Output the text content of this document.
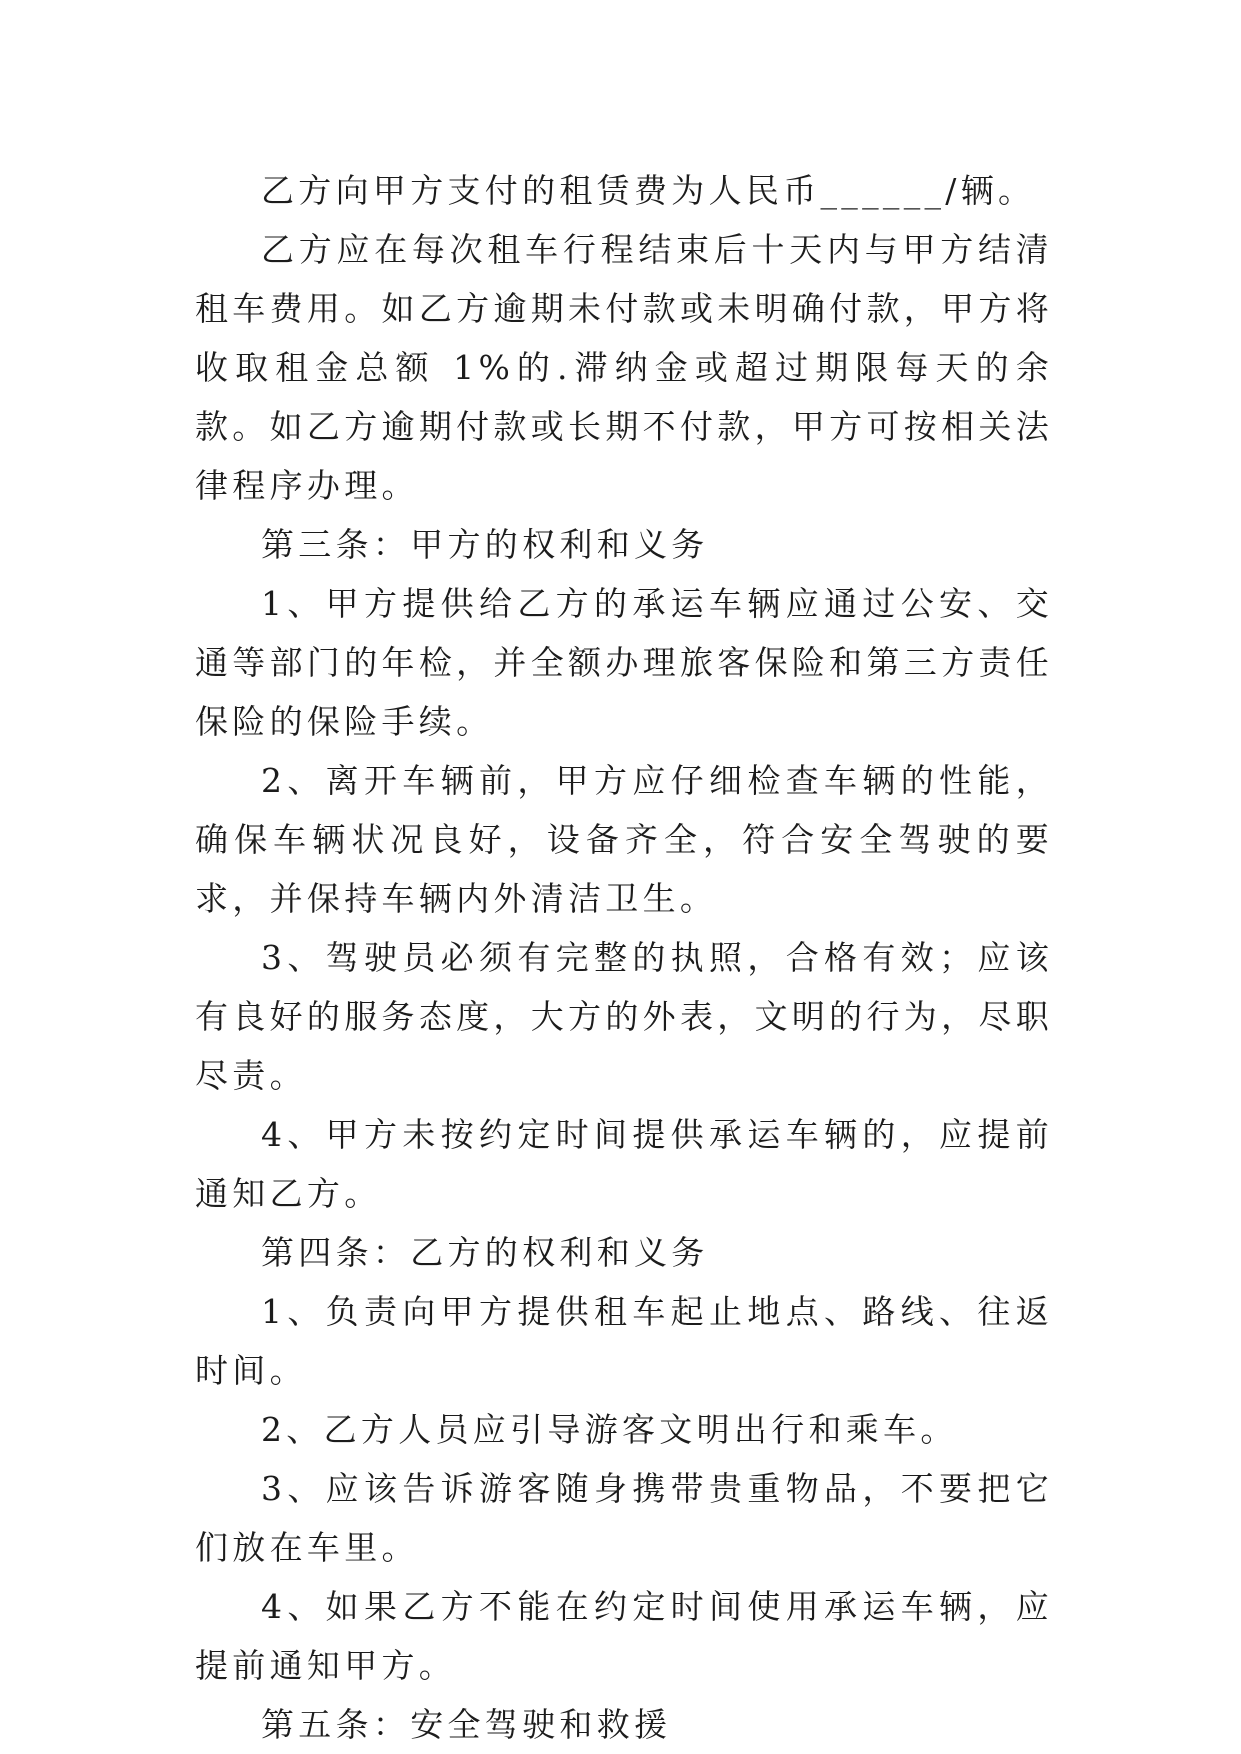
乙方向甲方支付的租赁费为人民币______/辆。

乙方应在每次租车行程结束后十天内与甲方结清租车费用。如乙方逾期未付款或未明确付款，甲方将收取租金总额 1%的.滞纳金或超过期限每天的余款。如乙方逾期付款或长期不付款，甲方可按相关法律程序办理。

第三条：甲方的权利和义务

1、甲方提供给乙方的承运车辆应通过公安、交通等部门的年检，并全额办理旅客保险和第三方责任保险的保险手续。

2、离开车辆前，甲方应仔细检查车辆的性能，确保车辆状况良好，设备齐全，符合安全驾驶的要求，并保持车辆内外清洁卫生。

3、驾驶员必须有完整的执照，合格有效；应该有良好的服务态度，大方的外表，文明的行为，尽职尽责。

4、甲方未按约定时间提供承运车辆的，应提前通知乙方。

第四条：乙方的权利和义务

1、负责向甲方提供租车起止地点、路线、往返时间。

2、乙方人员应引导游客文明出行和乘车。

3、应该告诉游客随身携带贵重物品，不要把它们放在车里。

4、如果乙方不能在约定时间使用承运车辆，应提前通知甲方。

第五条：安全驾驶和救援
